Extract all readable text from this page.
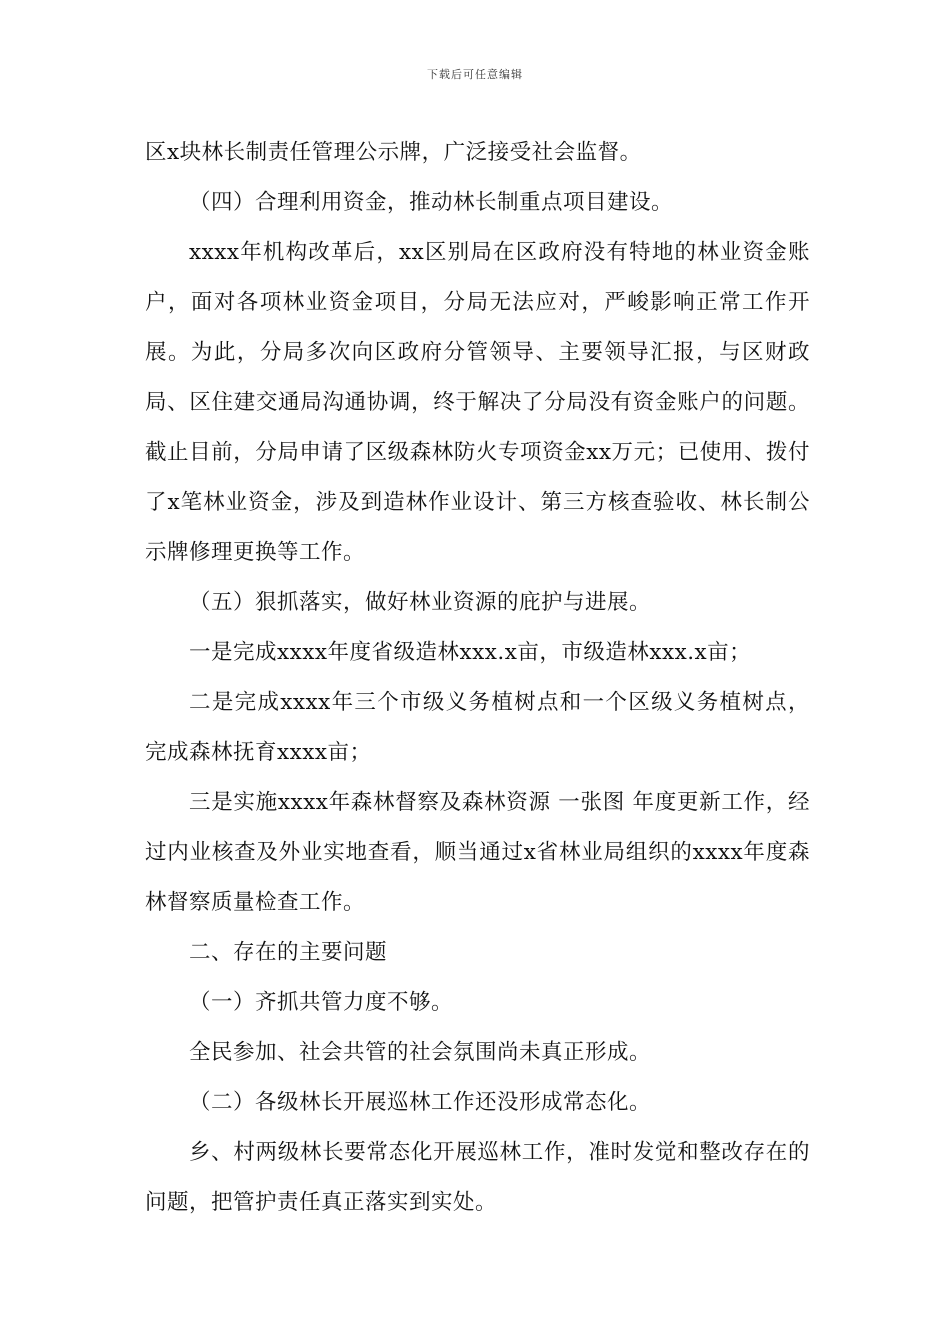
下载后可任意编辑

区x块林长制责任管理公示牌，广泛接受社会监督。

（四）合理利用资金，推动林长制重点项目建设。

xxxx年机构改革后，xx区别局在区政府没有特地的林业资金账户，面对各项林业资金项目，分局无法应对，严峻影响正常工作开展。为此，分局多次向区政府分管领导、主要领导汇报，与区财政局、区住建交通局沟通协调，终于解决了分局没有资金账户的问题。截止目前，分局申请了区级森林防火专项资金xx万元；已使用、拨付了x笔林业资金，涉及到造林作业设计、第三方核查验收、林长制公示牌修理更换等工作。

（五）狠抓落实，做好林业资源的庇护与进展。

一是完成xxxx年度省级造林xxx.x亩，市级造林xxx.x亩；

二是完成xxxx年三个市级义务植树点和一个区级义务植树点，完成森林抚育xxxx亩；

三是实施xxxx年森林督察及森林资源 一张图 年度更新工作，经过内业核查及外业实地查看，顺当通过x省林业局组织的xxxx年度森林督察质量检查工作。

二、存在的主要问题

（一）齐抓共管力度不够。

全民参加、社会共管的社会氛围尚未真正形成。

（二）各级林长开展巡林工作还没形成常态化。

乡、村两级林长要常态化开展巡林工作，准时发觉和整改存在的问题，把管护责任真正落实到实处。
